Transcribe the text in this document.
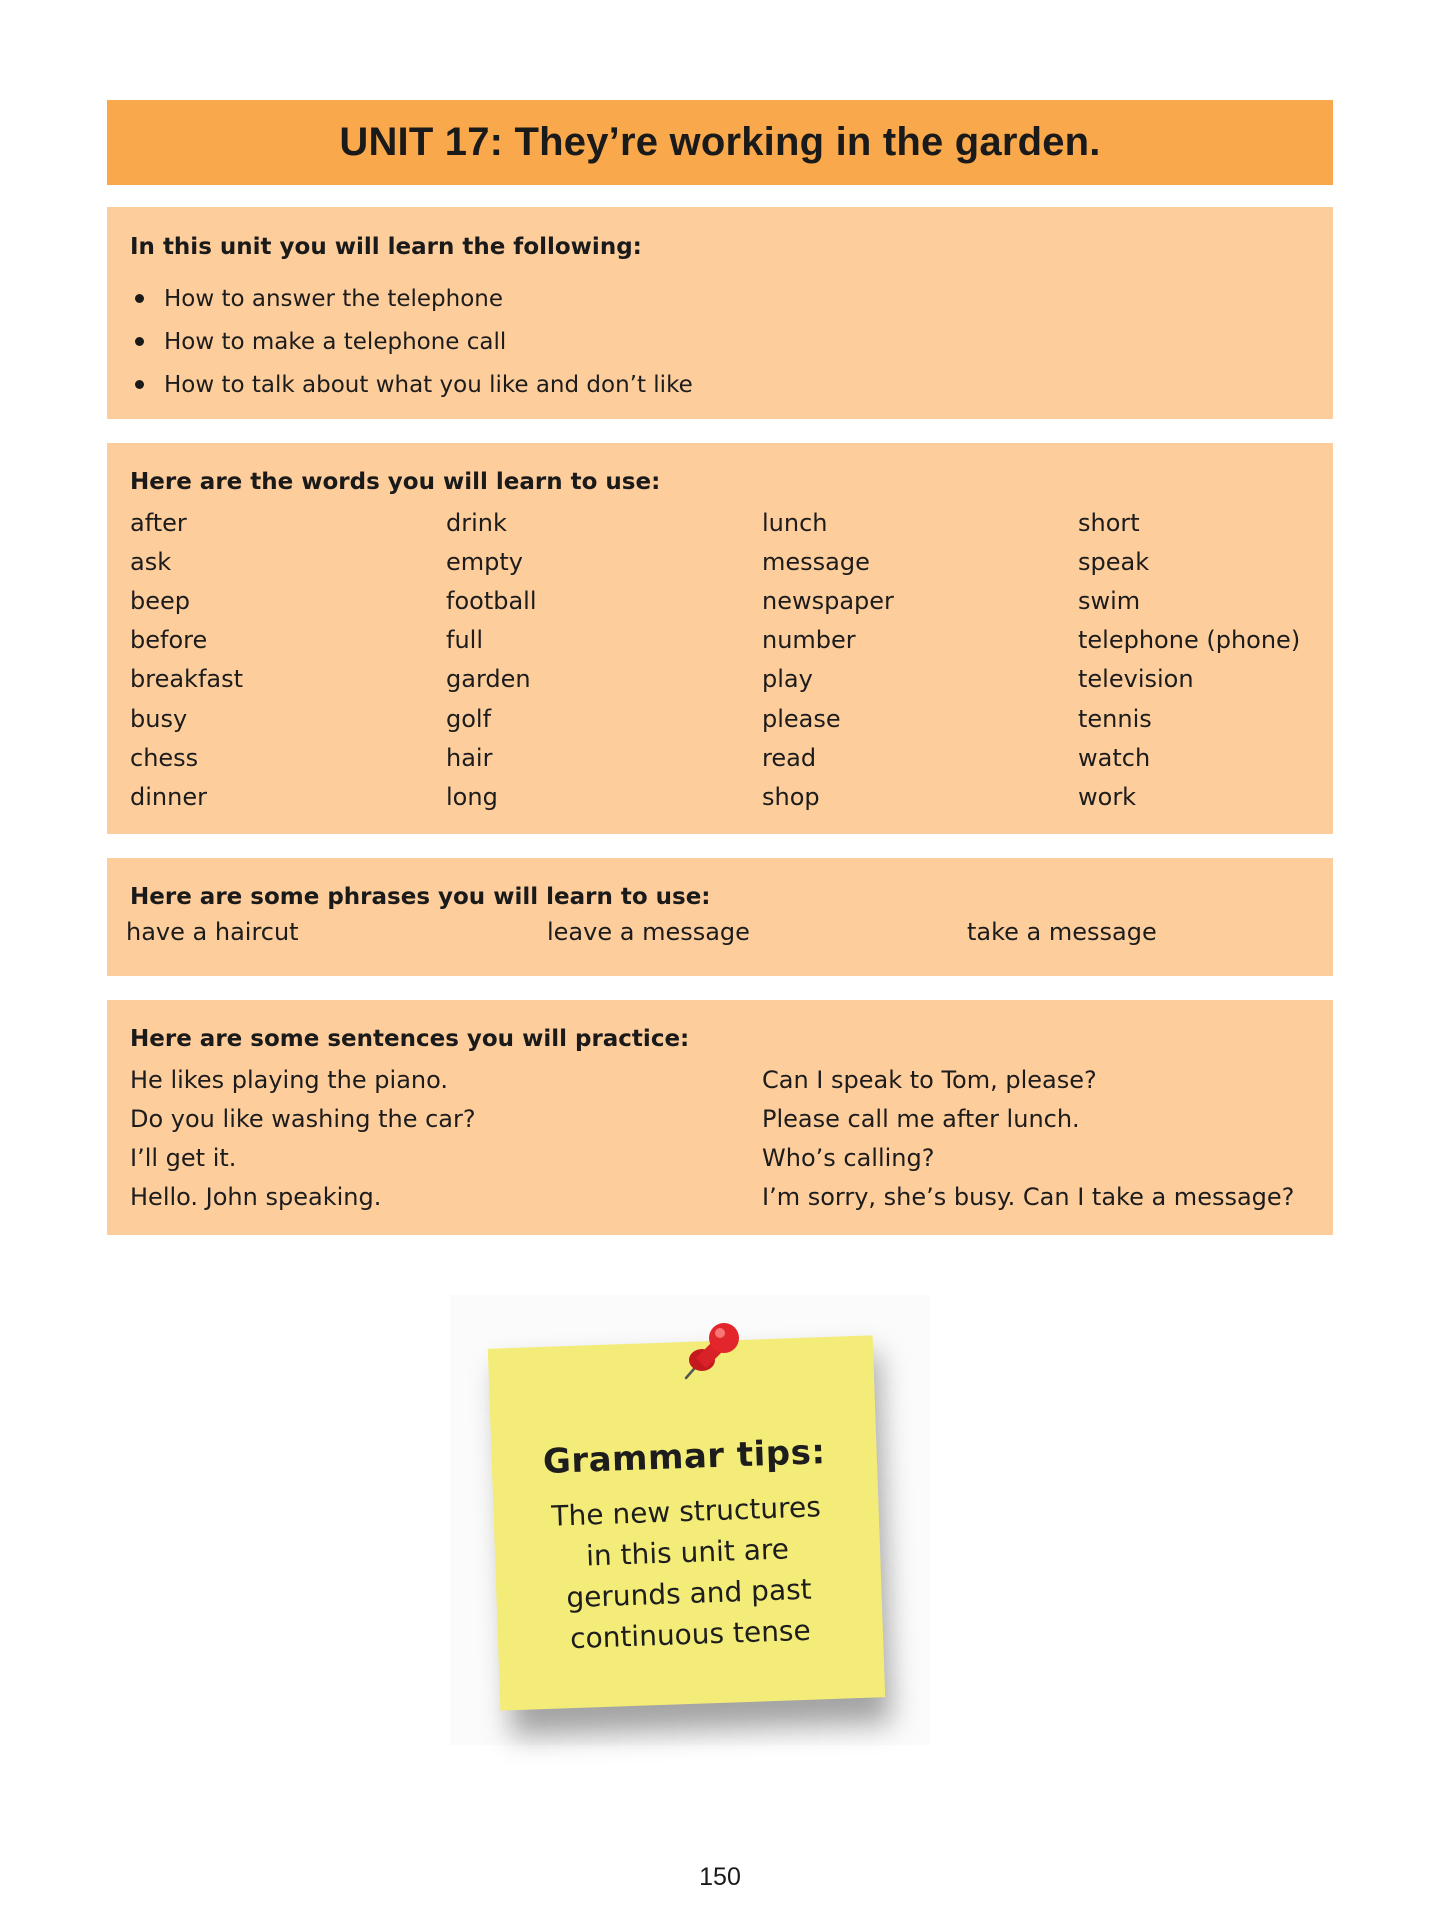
UNIT 17: They’re working in the garden.

In this unit you will learn the following:

How to answer the telephone
How to make a telephone call
How to talk about what you like and don’t like

Here are the words you will learn to use:

after	drink	lunch	short
ask	empty	message	speak
beep	football	newspaper	swim
before	full	number	telephone (phone)
breakfast	garden	play	television
busy	golf	please	tennis
chess	hair	read	watch
dinner	long	shop	work

Here are some phrases you will learn to use:

have a haircut	leave a message	take a message

Here are some sentences you will practice:

He likes playing the piano.	Can I speak to Tom, please?
Do you like washing the car?	Please call me after lunch.
I’ll get it.	Who’s calling?
Hello. John speaking.	I’m sorry, she’s busy. Can I take a message?

Grammar tips:

The new structures

in this unit are

gerunds and past

continuous tense

150
